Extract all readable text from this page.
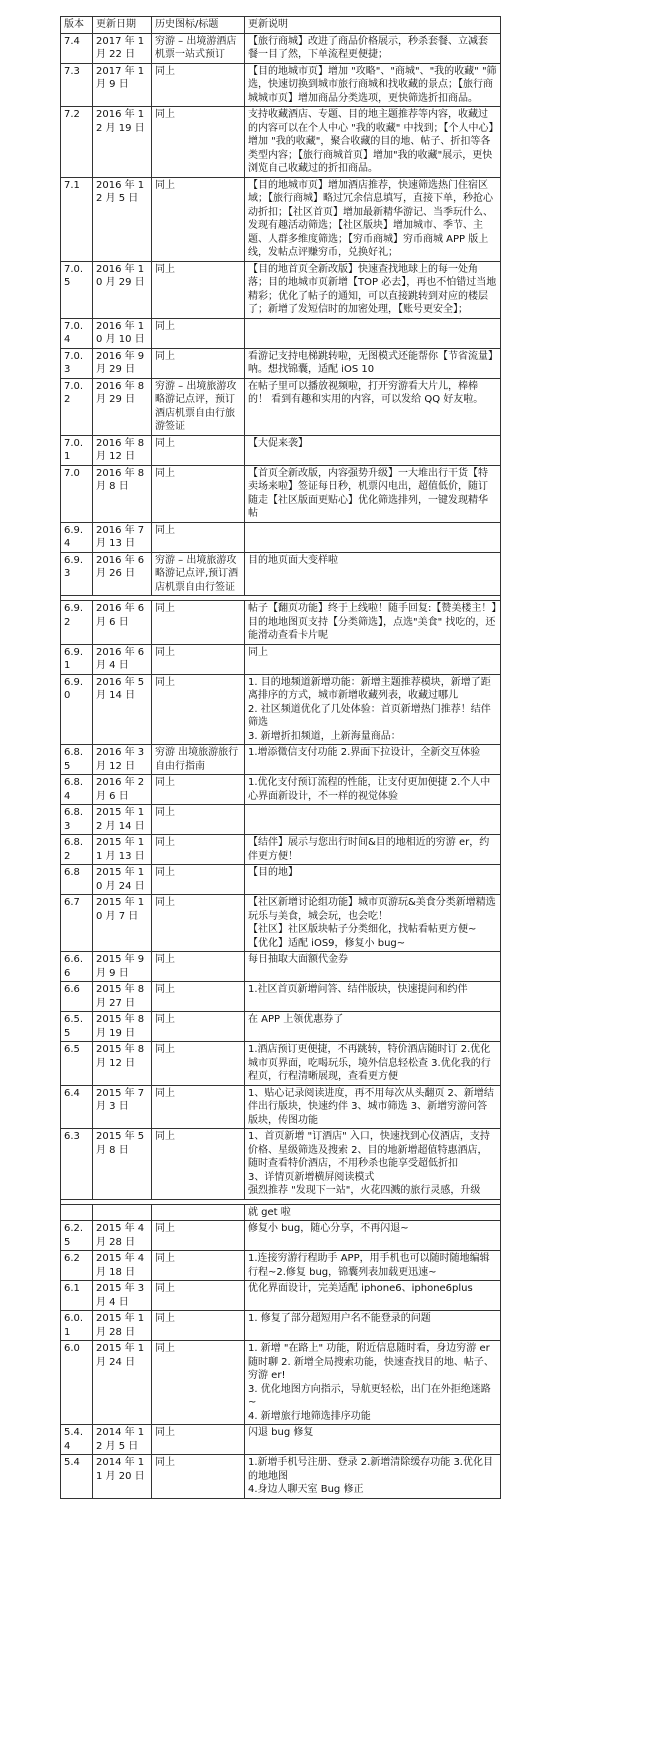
版本	更新日期	历史图标/标题	更新说明
7.4	2017 年 1 月 22 日	穷游 – 出境游酒店机票一站式预订	【旅行商城】改进了商品价格展示，秒杀套餐、立减套餐一目了然，下单流程更便捷；

7.3	2017 年 1 月 9 日	同上	【目的地城市页】增加 "攻略"、"商城"、"我的收藏" "筛选，快速切换到城市旅行商城和找收藏的景点；【旅行商城城市页】增加商品分类选项，更快筛选折扣商品。

7.2	2016 年 12 月 19 日	同上	支持收藏酒店、专题、目的地主题推荐等内容，收藏过的内容可以在个人中心 "我的收藏" 中找到；【个人中心】增加 "我的收藏"，聚合收藏的目的地、帖子、折扣等各类型内容；【旅行商城首页】增加"我的收藏"展示，更快浏览自己收藏过的折扣商品。

7.1	2016 年 12 月 5 日	同上	【目的地城市页】增加酒店推荐，快速筛选热门住宿区域；【旅行商城】略过冗余信息填写，直接下单，秒抢心动折扣；【社区首页】增加最新精华游记、当季玩什么、发现有趣活动筛选；【社区版块】增加城市、季节、主题、人群多维度筛选；【穷币商城】穷币商城 APP 版上线，发帖点评赚穷币，兑换好礼；

7.0.5	2016 年 10 月 29 日	同上	【目的地首页全新改版】快速查找地球上的每一处角落；目的地城市页新增【TOP 必去】，再也不怕错过当地精彩；优化了帖子的通知，可以直接跳转到对应的楼层了；新增了发短信时的加密处理，【账号更安全】；

7.0.4	2016 年 10 月 10 日	同上	

7.0.3	2016 年 9 月 29 日	同上	看游记支持电梯跳转啦，无图模式还能帮你【节省流量】呐。想找锦囊，适配 iOS 10

7.0.2	2016 年 8 月 29 日	穷游 – 出境旅游攻略游记点评，预订酒店机票自由行旅游签证	在帖子里可以播放视频啦，打开穷游看大片儿，棒棒的！ 看到有趣和实用的内容，可以发给 QQ 好友啦。

7.0.1	2016 年 8 月 12 日	同上	【大促来袭】

7.0	2016 年 8 月 8 日	同上	【首页全新改版，内容强势升级】一大堆出行干货【特卖场来啦】签证每日秒，机票闪电出，超值低价，随订随走【社区版面更贴心】优化筛选排列，一键发现精华帖

6.9.4	2016 年 7 月 13 日	同上	

6.9.3	2016 年 6 月 26 日	穷游 – 出境旅游攻略游记点评,预订酒店机票自由行签证	目的地页面大变样啦

6.9.2	2016 年 6 月 6 日	同上	帖子【翻页功能】终于上线啦！随手回复:【赞美楼主！】目的地地图页支持【分类筛选】，点选"美食" 找吃的，还能滑动查看卡片呢

6.9.1	2016 年 6 月 4 日	同上	同上

6.9.0	2016 年 5 月 14 日	同上	1. 目的地频道新增功能：新增主题推荐模块，新增了距离排序的方式，城市新增收藏列表，收藏过哪儿
2. 社区频道优化了几处体验：首页新增热门推荐！结伴筛选
3. 新增折扣频道，上新海量商品：

6.8.5	2016 年 3 月 12 日	穷游 出境旅游旅行自由行指南	1.增添微信支付功能 2.界面下拉设计，全新交互体验

6.8.4	2016 年 2 月 6 日	同上	1.优化支付预订流程的性能，让支付更加便捷 2.个人中心界面新设计，不一样的视觉体验

6.8.3	2015 年 12 月 14 日	同上	

6.8.2	2015 年 11 月 13 日	同上	【结伴】展示与您出行时间&目的地相近的穷游 er，约伴更方便！

6.8	2015 年 10 月 24 日	同上	【目的地】

6.7	2015 年 10 月 7 日	同上	【社区新增讨论组功能】城市页游玩&美食分类新增精选玩乐与美食，城会玩，也会吃！
【社区】社区版块帖子分类细化，找帖看帖更方便~
【优化】适配 iOS9，修复小 bug~

6.6.6	2015 年 9 月 9 日	同上	每日抽取大面额代金券

6.6	2015 年 8 月 27 日	同上	1.社区首页新增问答、结伴版块，快速提问和约伴

6.5.5	2015 年 8 月 19 日	同上	在 APP 上领优惠券了

6.5	2015 年 8 月 12 日	同上	1.酒店预订更便捷，不再跳转，特价酒店随时订 2.优化城市页界面，吃喝玩乐，境外信息轻松查 3.优化我的行程页，行程清晰展现，查看更方便

6.4	2015 年 7 月 3 日	同上	1、贴心记录阅读进度，再不用每次从头翻页 2、新增结伴出行版块，快速约伴 3、城市筛选 3、新增穷游问答版块，传图功能

6.3	2015 年 5 月 8 日	同上	1、首页新增 "订酒店" 入口，快速找到心仪酒店，支持价格、星级筛选及搜索 2、目的地新增超值特惠酒店，随时查看特价酒店，不用秒杀也能享受超低折扣
3、详情页新增横屏阅读模式
强烈推荐 "发现下一站"，火花四溅的旅行灵感，升级

			就 get 啦

6.2.5	2015 年 4 月 28 日	同上	修复小 bug，随心分享，不再闪退~

6.2	2015 年 4 月 18 日	同上	1.连接穷游行程助手 APP，用手机也可以随时随地编辑行程~2.修复 bug，锦囊列表加载更迅速~

6.1	2015 年 3 月 4 日	同上	优化界面设计，完美适配 iphone6、iphone6plus

6.0.1	2015 年 1 月 28 日	同上	1. 修复了部分超短用户名不能登录的问题

6.0	2015 年 1 月 24 日	同上	1. 新增 "在路上" 功能，附近信息随时看，身边穷游 er 随时聊 2. 新增全局搜索功能，快速查找目的地、帖子、穷游 er!
3. 优化地图方向指示，导航更轻松，出门在外拒绝迷路~
4. 新增旅行地筛选排序功能

5.4.4	2014 年 12 月 5 日	同上	闪退 bug 修复

5.4	2014 年 11 月 20 日	同上	1.新增手机号注册、登录 2.新增清除缓存功能 3.优化目的地地图
4.身边人聊天室 Bug 修正
